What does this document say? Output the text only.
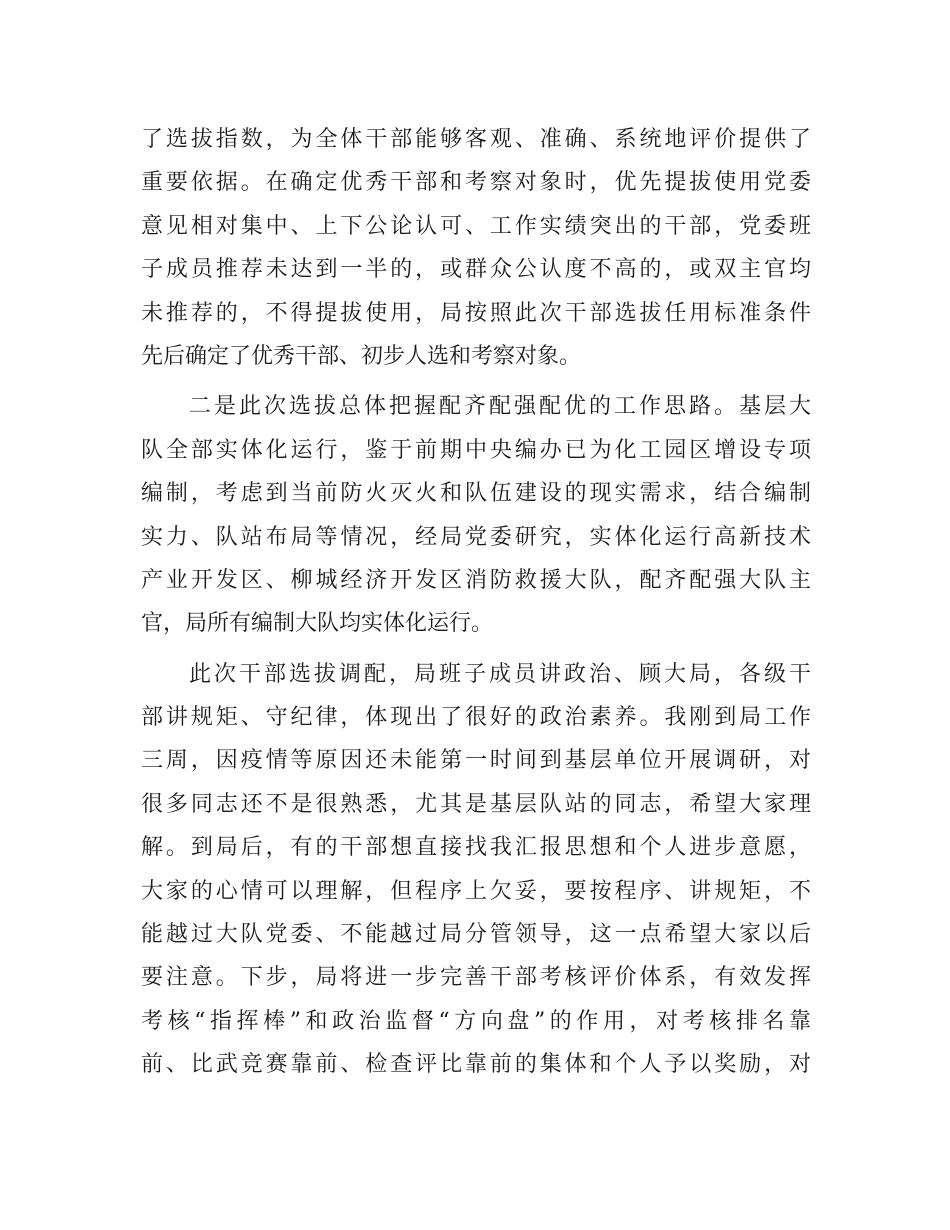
了选拔指数，为全体干部能够客观、准确、系统地评价提供了
重要依据。在确定优秀干部和考察对象时，优先提拔使用党委
意见相对集中、上下公论认可、工作实绩突出的干部，党委班
子成员推荐未达到一半的，或群众公认度不高的，或双主官均
未推荐的，不得提拔使用，局按照此次干部选拔任用标准条件
先后确定了优秀干部、初步人选和考察对象。
二是此次选拔总体把握配齐配强配优的工作思路。基层大
队全部实体化运行，鉴于前期中央编办已为化工园区增设专项
编制，考虑到当前防火灭火和队伍建设的现实需求，结合编制
实力、队站布局等情况，经局党委研究，实体化运行高新技术
产业开发区、柳城经济开发区消防救援大队，配齐配强大队主
官，局所有编制大队均实体化运行。
此次干部选拔调配，局班子成员讲政治、顾大局，各级干
部讲规矩、守纪律，体现出了很好的政治素养。我刚到局工作
三周，因疫情等原因还未能第一时间到基层单位开展调研，对
很多同志还不是很熟悉，尤其是基层队站的同志，希望大家理
解。到局后，有的干部想直接找我汇报思想和个人进步意愿，
大家的心情可以理解，但程序上欠妥，要按程序、讲规矩，不
能越过大队党委、不能越过局分管领导，这一点希望大家以后
要注意。下步，局将进一步完善干部考核评价体系，有效发挥
考核“指挥棒”和政治监督“方向盘”的作用，对考核排名靠
前、比武竞赛靠前、检查评比靠前的集体和个人予以奖励，对
